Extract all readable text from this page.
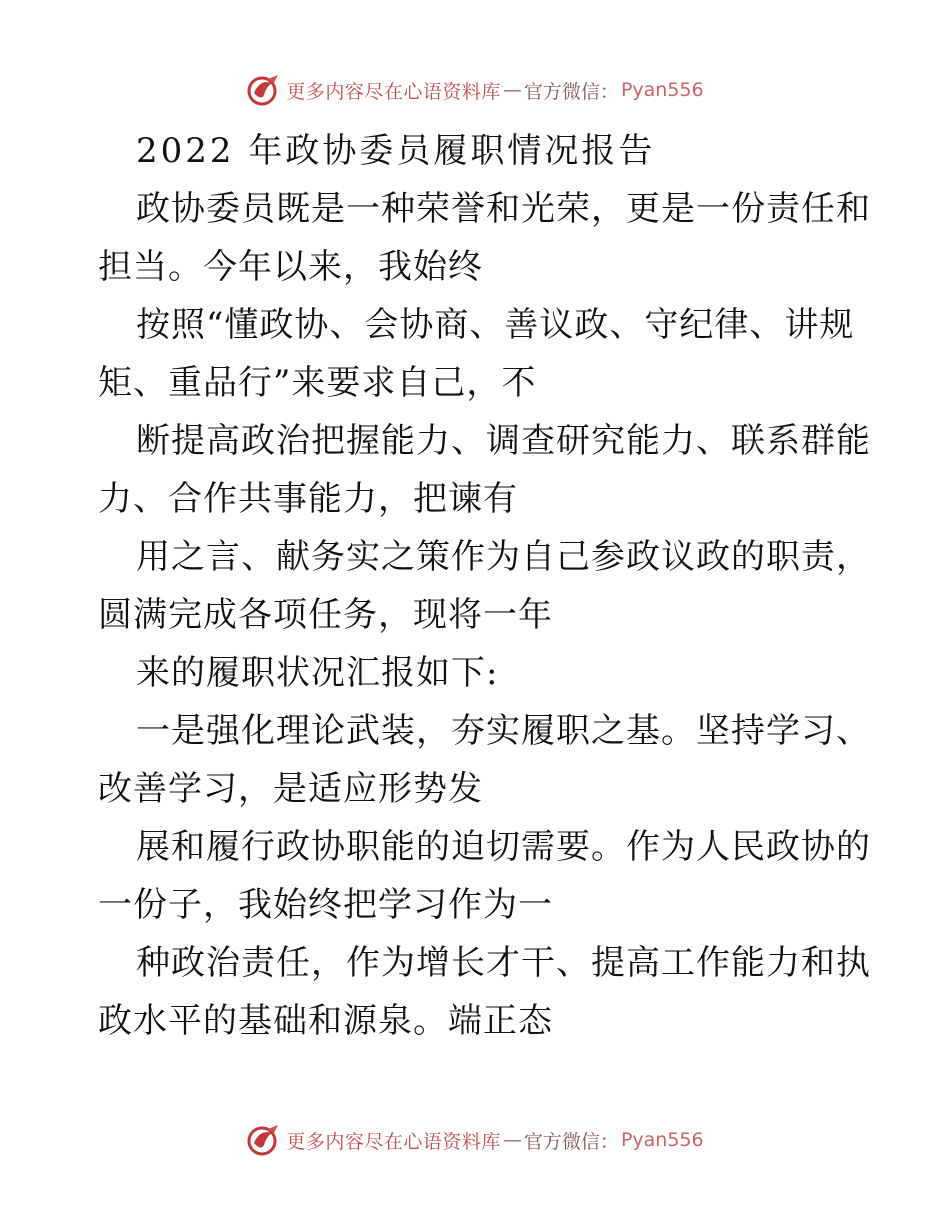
更多内容尽在心语资料库 — 官方微信： Pyan556
2022 年政协委员履职情况报告
政协委员既是一种荣誉和光荣，更是一份责任和
担当。今年以来，我始终
按照“懂政协、会协商、善议政、守纪律、讲规
矩、重品行”来要求自己，不
断提高政治把握能力、调查研究能力、联系群能
力、合作共事能力，把谏有
用之言、献务实之策作为自己参政议政的职责，
圆满完成各项任务，现将一年
来的履职状况汇报如下:
一是强化理论武装，夯实履职之基。坚持学习、
改善学习，是适应形势发
展和履行政协职能的迫切需要。作为人民政协的
一份子，我始终把学习作为一
种政治责任，作为增长才干、提高工作能力和执
政水平的基础和源泉。端正态
更多内容尽在心语资料库 — 官方微信： Pyan556
